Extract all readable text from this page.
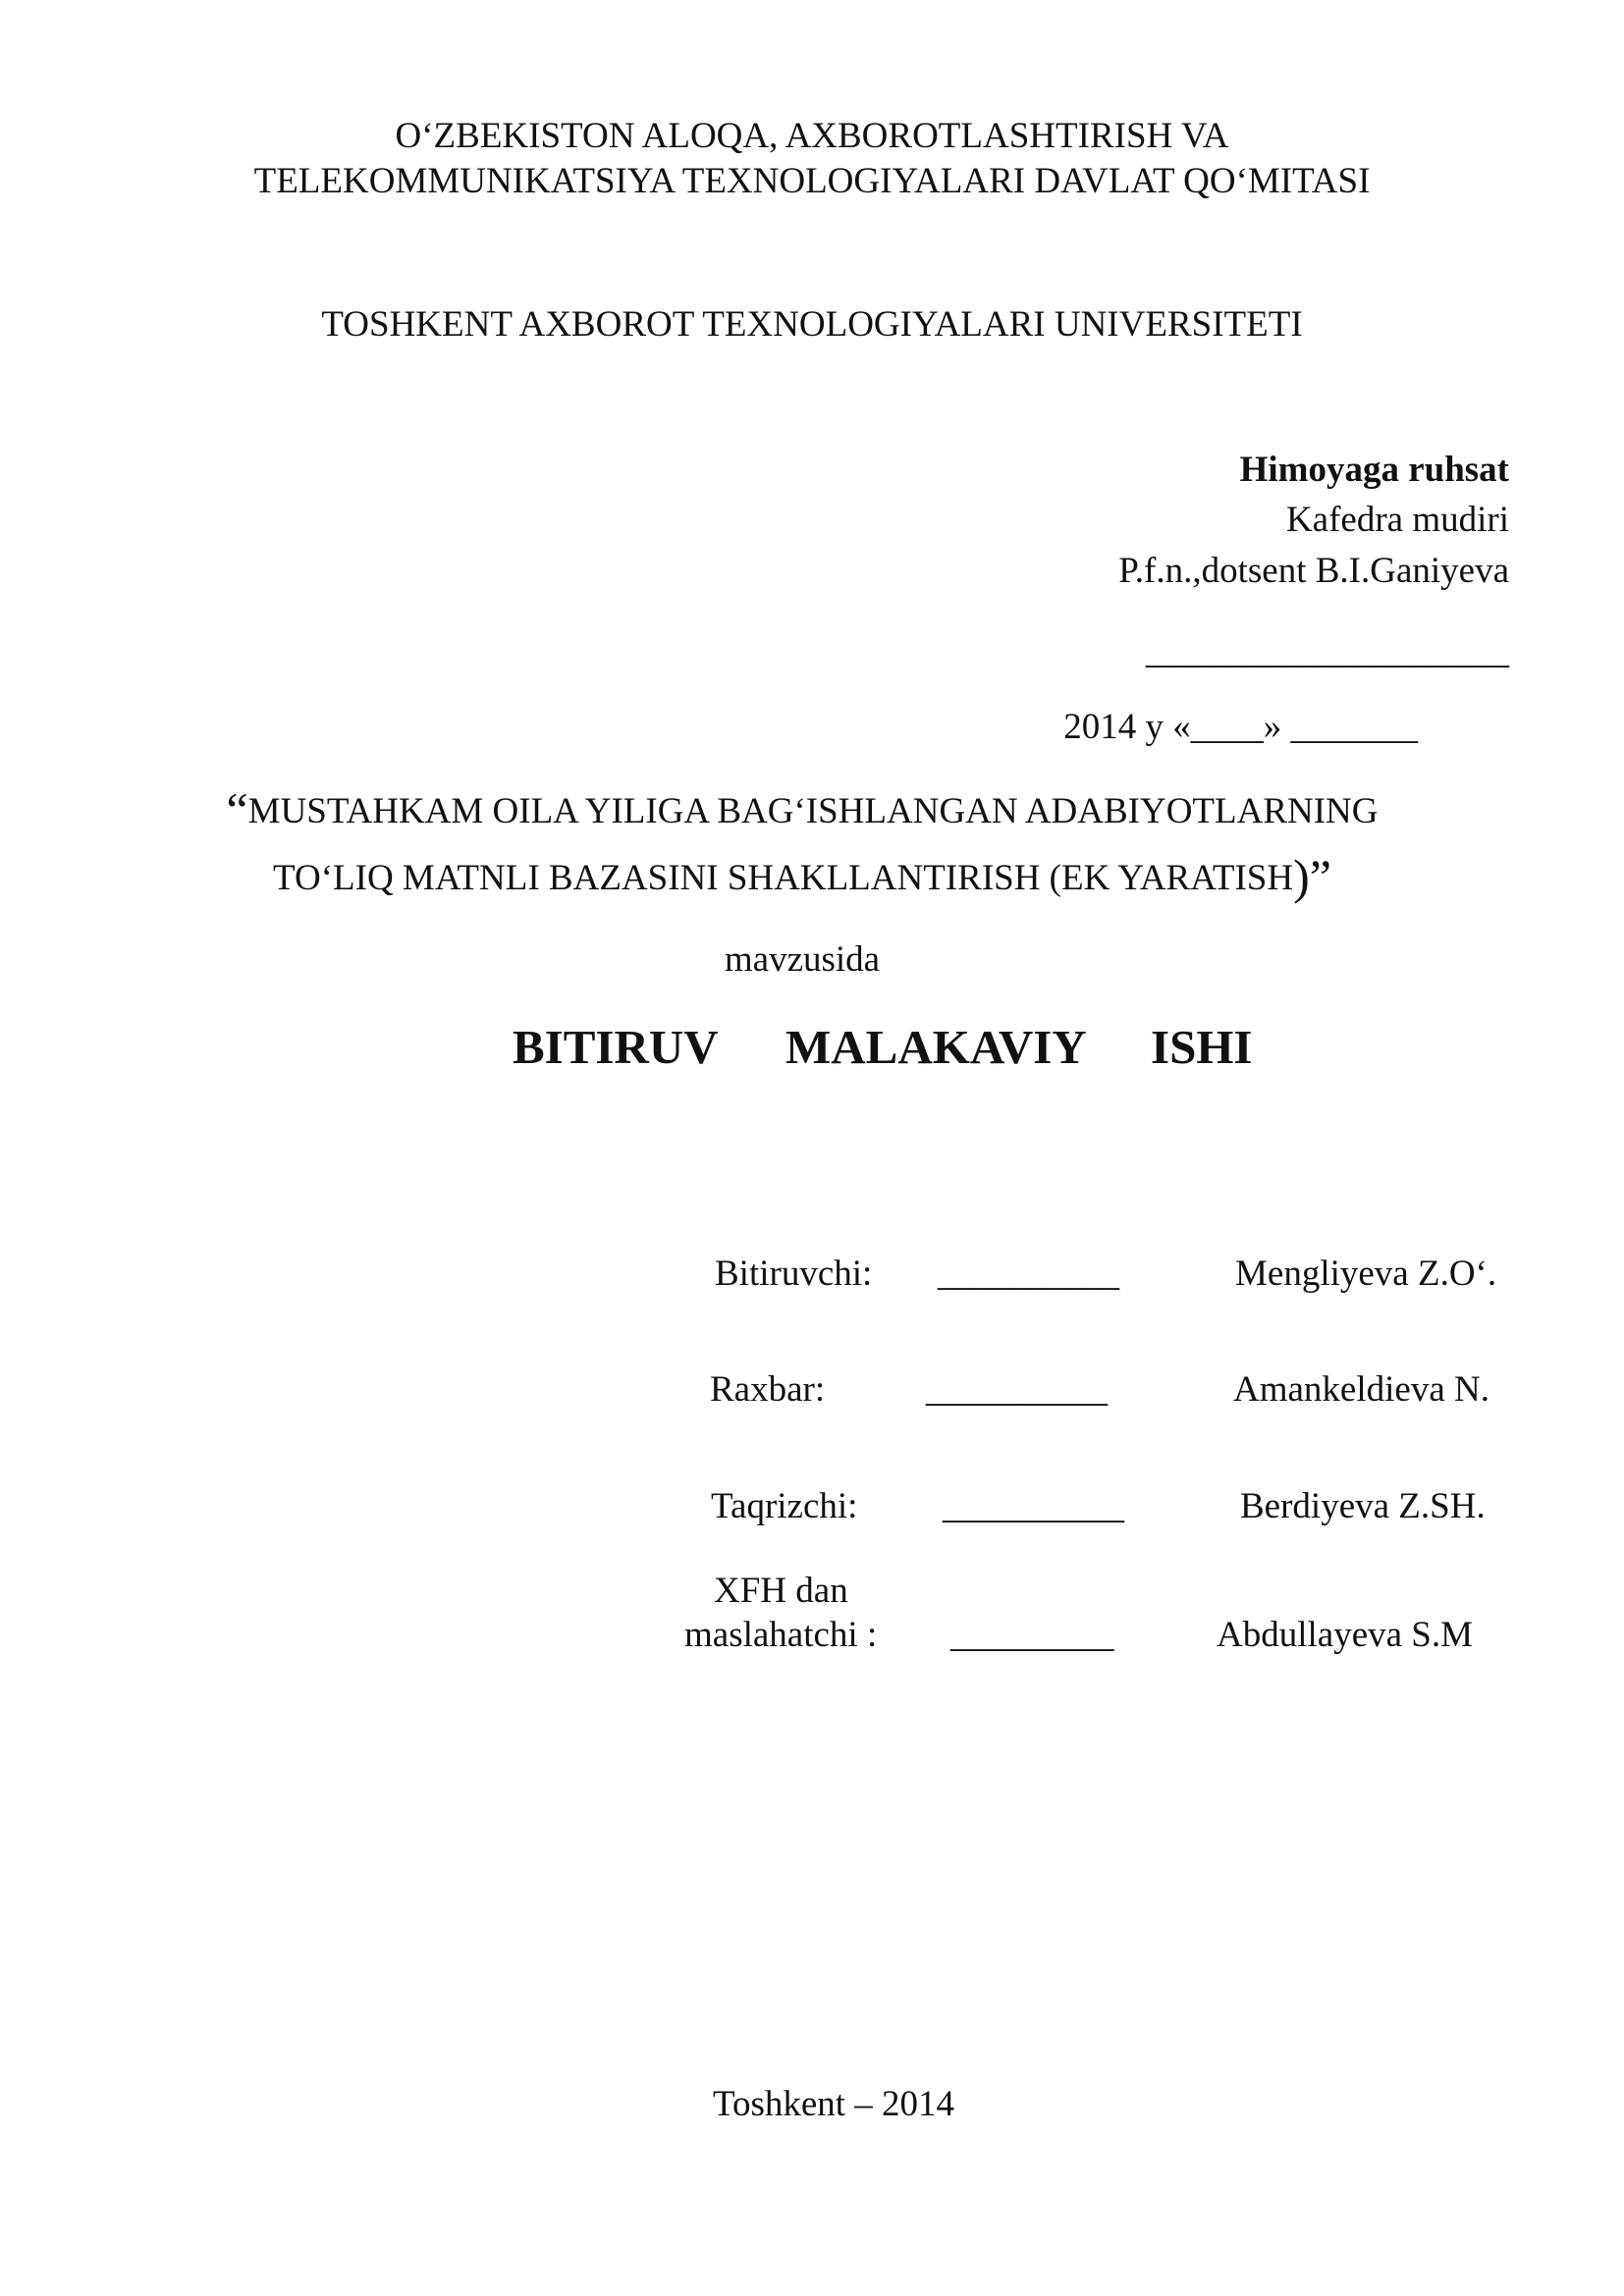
O‘ZBEKISTON ALOQA, AXBOROTLASHTIRISH VA
TELEKOMMUNIKATSIYA TEXNOLOGIYALARI DAVLAT QO‘MITASI
TOSHKENT AXBOROT TEXNOLOGIYALARI UNIVERSITETI
Himoyaga ruhsat
Kafedra mudiri
P.f.n.,dotsent B.I.Ganiyeva
____________________
2014 y «____» _______
“MUSTAHKAM OILA YILIGA BAG‘ISHLANGAN ADABIYOTLARNING
TO‘LIQ MATNLI BAZASINI SHAKLLANTIRISH (EK YARATISH)”
mavzusida
BITIRUV MALAKAVIY ISHI
Bitiruvchi: __________	Mengliyeva Z.O‘.
Raxbar:	__________	Amankeldieva N.
Taqrizchi: __________	Berdiyeva Z.SH.
XFH dan
maslahatchi : _________	Abdullayeva S.M
Toshkent – 2014
